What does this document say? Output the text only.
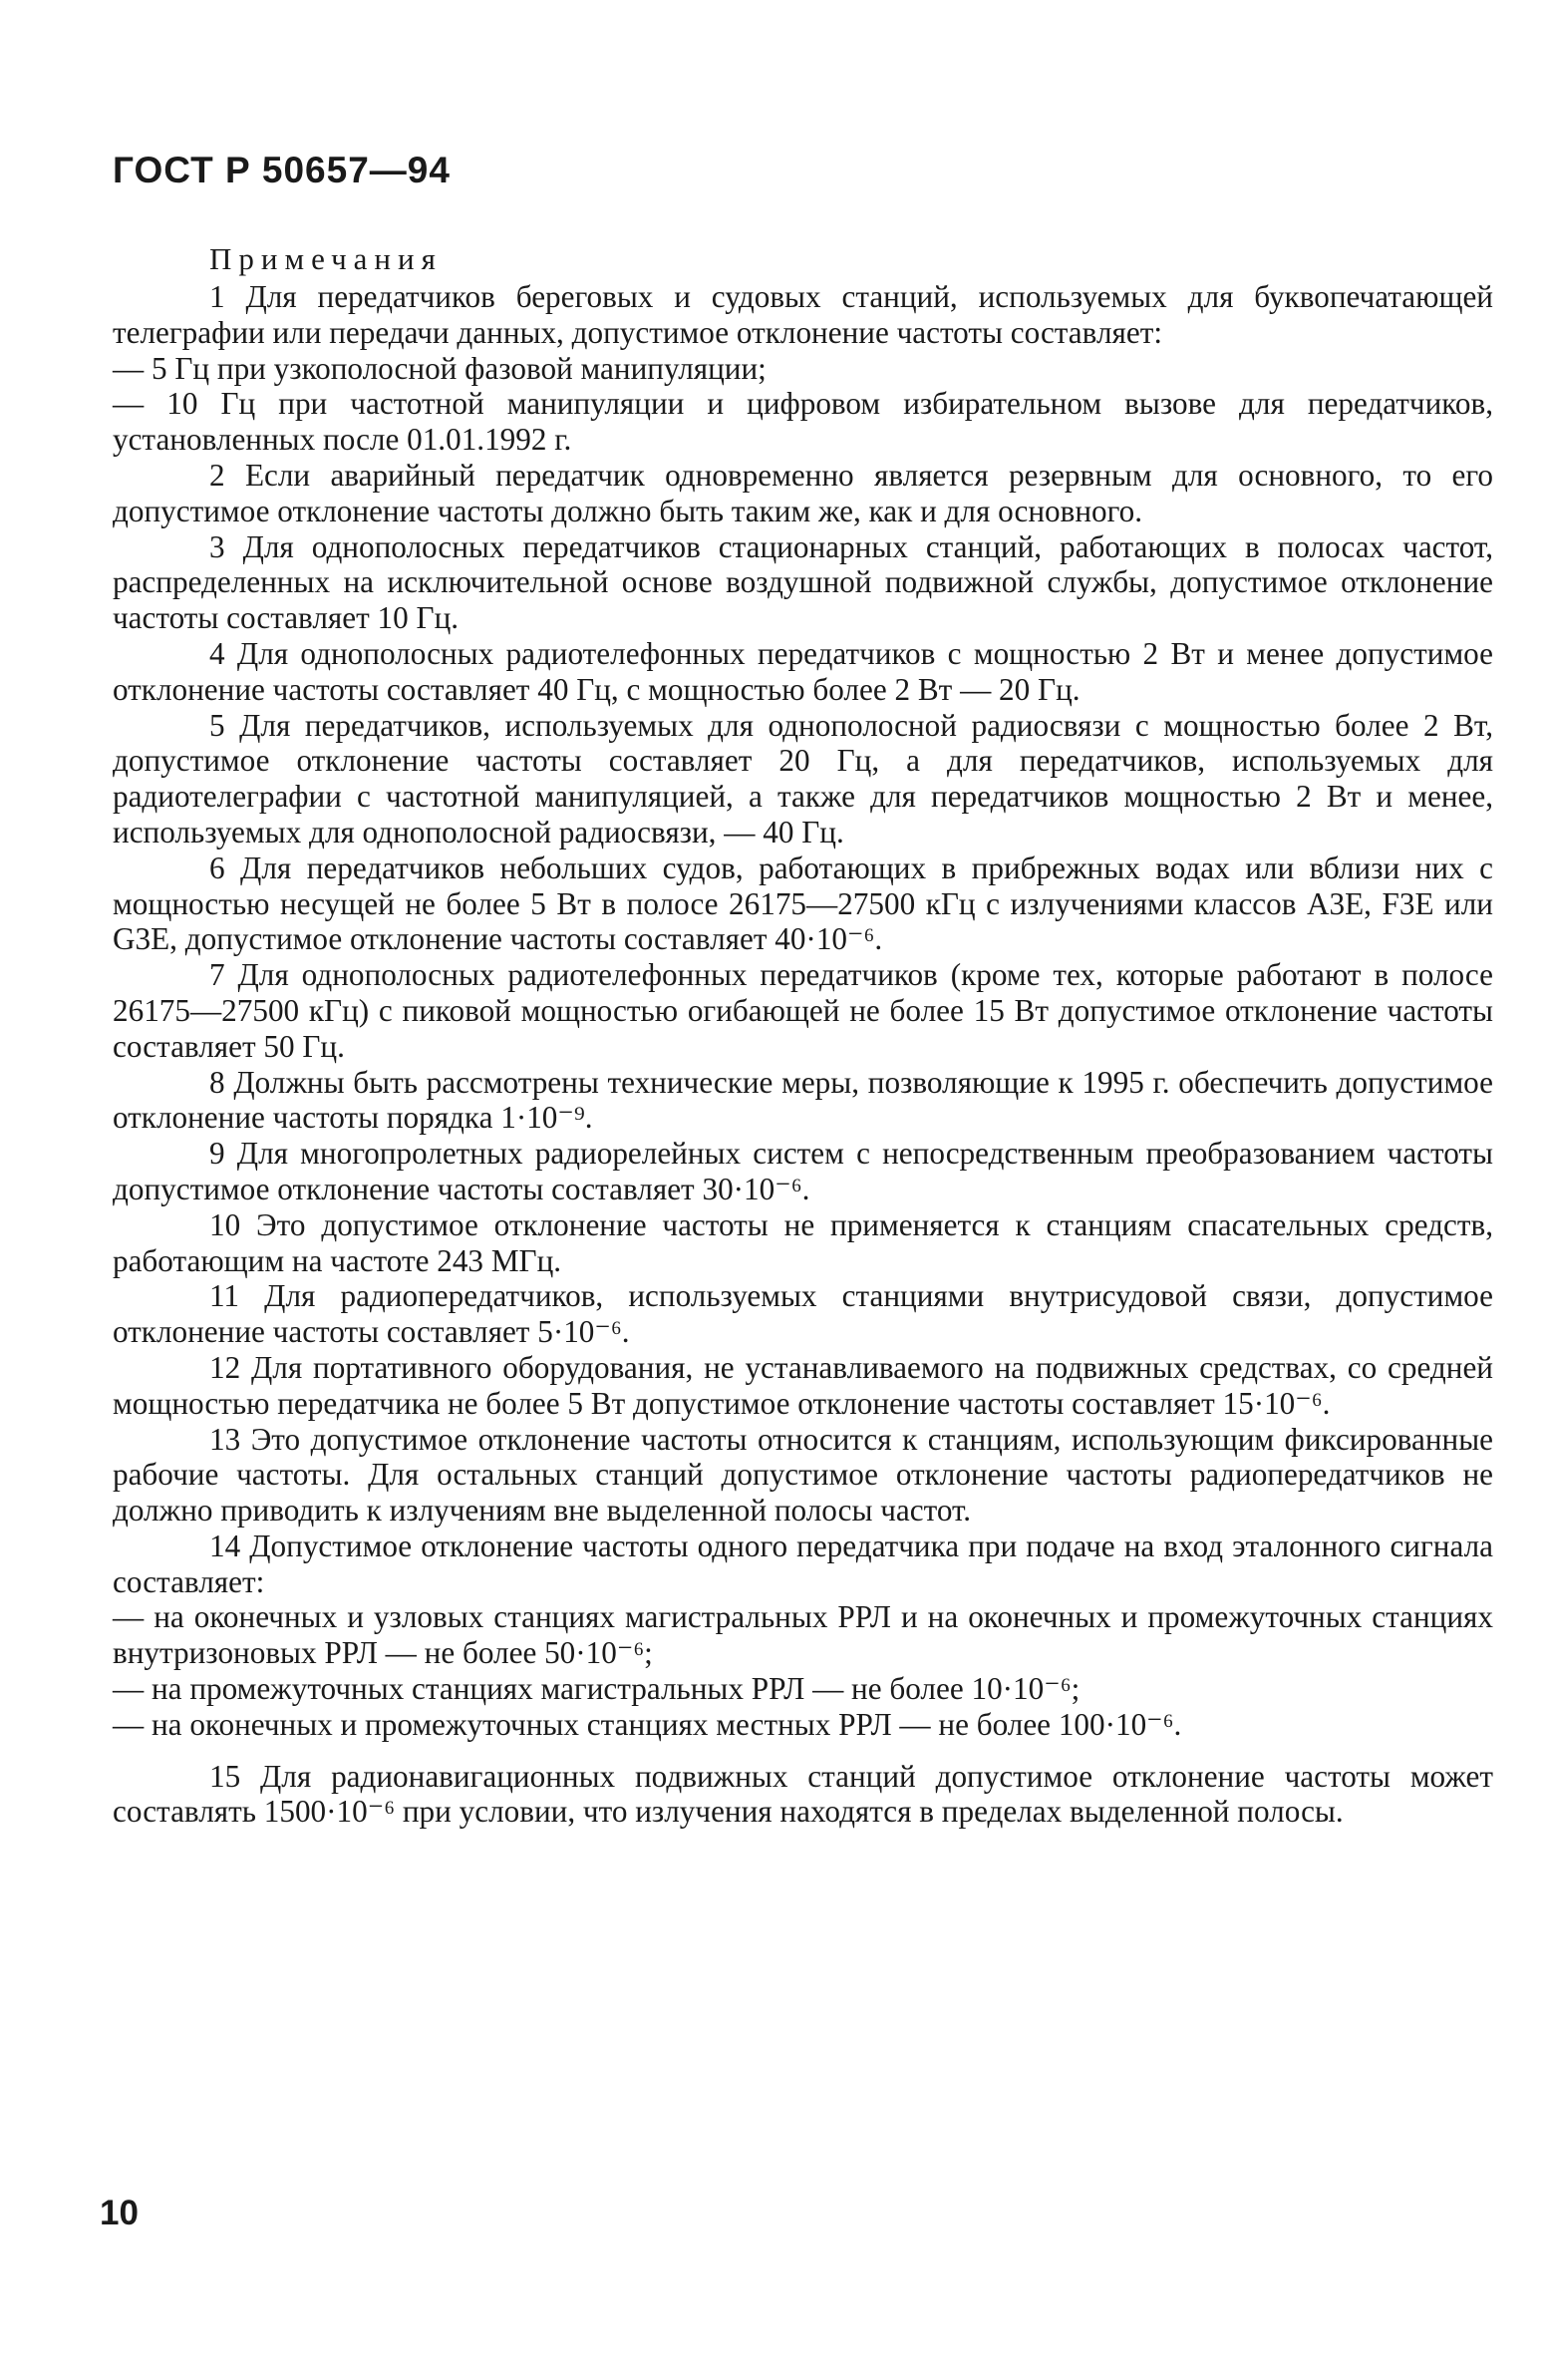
ГОСТ Р 50657—94
Примечания

1 Для передатчиков береговых и судовых станций, используемых для буквопечатающей телеграфии или передачи данных, допустимое отклонение частоты составляет:

— 5 Гц при узкополосной фазовой манипуляции;

— 10 Гц при частотной манипуляции и цифровом избирательном вызове для передатчиков, установленных после 01.01.1992 г.

2 Если аварийный передатчик одновременно является резервным для основного, то его допустимое отклонение частоты должно быть таким же, как и для основного.

3 Для однополосных передатчиков стационарных станций, работающих в полосах частот, распределенных на исключительной основе воздушной подвижной службы, допустимое отклонение частоты составляет 10 Гц.

4 Для однополосных радиотелефонных передатчиков с мощностью 2 Вт и менее допустимое отклонение частоты составляет 40 Гц, с мощностью более 2 Вт — 20 Гц.

5 Для передатчиков, используемых для однополосной радиосвязи с мощностью более 2 Вт, допустимое отклонение частоты составляет 20 Гц, а для передатчиков, используемых для радиотелеграфии с частотной манипуляцией, а также для передатчиков мощностью 2 Вт и менее, используемых для однополосной радиосвязи, — 40 Гц.

6 Для передатчиков небольших судов, работающих в прибрежных водах или вблизи них с мощностью несущей не более 5 Вт в полосе 26175—27500 кГц с излучениями классов A3E, F3E или G3E, допустимое отклонение частоты составляет 40·10⁻⁶.

7 Для однополосных радиотелефонных передатчиков (кроме тех, которые работают в полосе 26175—27500 кГц) с пиковой мощностью огибающей не более 15 Вт допустимое отклонение частоты составляет 50 Гц.

8 Должны быть рассмотрены технические меры, позволяющие к 1995 г. обеспечить допустимое отклонение частоты порядка 1·10⁻⁹.

9 Для многопролетных радиорелейных систем с непосредственным преобразованием частоты допустимое отклонение частоты составляет 30·10⁻⁶.

10 Это допустимое отклонение частоты не применяется к станциям спасательных средств, работающим на частоте 243 МГц.

11 Для радиопередатчиков, используемых станциями внутрисудовой связи, допустимое отклонение частоты составляет 5·10⁻⁶.

12 Для портативного оборудования, не устанавливаемого на подвижных средствах, со средней мощностью передатчика не более 5 Вт допустимое отклонение частоты составляет 15·10⁻⁶.

13 Это допустимое отклонение частоты относится к станциям, использующим фиксированные рабочие частоты. Для остальных станций допустимое отклонение частоты радиопередатчиков не должно приводить к излучениям вне выделенной полосы частот.

14 Допустимое отклонение частоты одного передатчика при подаче на вход эталонного сигнала составляет:

— на оконечных и узловых станциях магистральных РРЛ и на оконечных и промежуточных станциях внутризоновых РРЛ — не более 50·10⁻⁶;

— на промежуточных станциях магистральных РРЛ — не более 10·10⁻⁶;

— на оконечных и промежуточных станциях местных РРЛ — не более 100·10⁻⁶.

15 Для радионавигационных подвижных станций допустимое отклонение частоты может составлять 1500·10⁻⁶ при условии, что излучения находятся в пределах выделенной полосы.

10
